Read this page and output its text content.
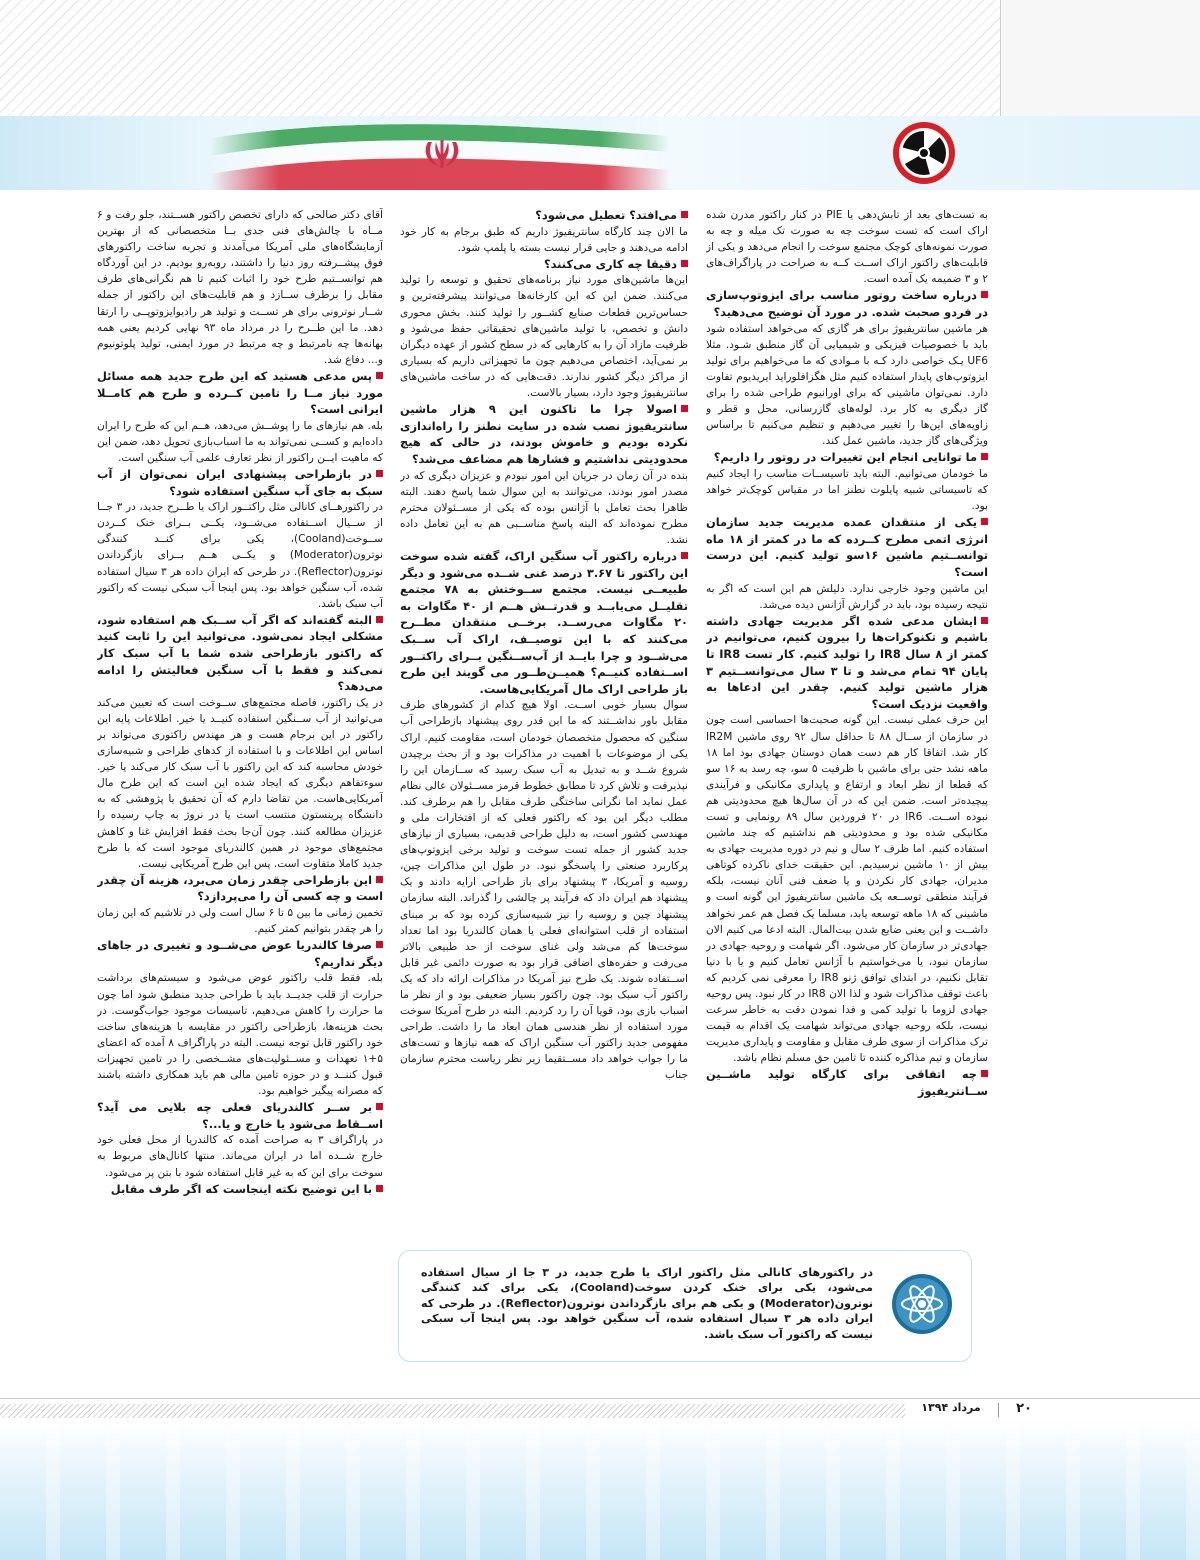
به تست‌های بعد از تابش‌دهی یا PIE در کنار راکتور مدرن شده اراک است که تست سوخت چه به صورت تک میله و چه به صورت نمونه‌های کوچک مجتمع سوخت را انجام می‌دهد و یکی از قابلیت‌های راکتور اراک اســت کــه به صراحت در پاراگراف‌های ۲ و ۳ ضمیمه یک آمده است.

درباره ساخت روتور مناسب برای ایزوتوپ‌سازی در فردو صحبت شده. در مورد آن توضیح می‌دهید؟

هر ماشین سانتریفیوژ برای هر گازی که می‌خواهد استفاده شود باید با خصوصیات فیزیکی و شیمیایی آن گاز منطبق شـود. مثلا UF6 یـک خواصی دارد کـه با مـوادی که ما می‌خواهیم برای تولید ایزوتوپ‌های پایدار استفاده کنیم مثل هگزافلوراید ایریدیوم تفاوت دارد. نمی‌توان ماشینی که برای اورانیوم طراحی شده را برای گاز دیگری به کار برد. لوله‌های گازرسانی، محل و قطر و زاویه‌های این‌ها را تغییر می‌دهیم و تنظیم می‌کنیم تا براساس ویژگی‌های گاز جدید، ماشین عمل کند.

ما توانایی انجام این تغییرات در روتور را داریم؟

ما خودمان می‌توانیم. البته باید تاسیســات مناسب را ایجاد کنیم که تاسیساتی شبیه پایلوت نطنز اما در مقیاس کوچک‌تر خواهد بود.

یکی از منتقدان عمده مدیریت جدید سازمان انرژی اتمی مطرح کــرده که ما در کمتر از ۱۸ ماه توانســتیم ماشین ۱۶سو تولید کنیم. این درست است؟

این ماشین وجود خارجی ندارد. دلیلش هم این است که اگر به نتیجه رسیده بود، باید در گزارش آژانس دیده می‌شد.

ایشان مدعی شده اگر مدیریت جهادی داشته باشیم و تکنوکرات‌ها را بیرون کنیم، می‌توانیم در کمتر از ۸ سال IR8 را تولید کنیم. کار تست IR8 تا پایان ۹۴ تمام می‌شد و تا ۳ سال می‌توانســتیم ۳ هزار ماشین تولید کنیم. چقدر این ادعاها به واقعیت نزدیک است؟

این حرف عملی نیست. این گونه صحبت‌ها احساسی است چون در سازمان از ســال ۸۸ تا حداقل سال ۹۲ روی ماشین IR2M کار شد. اتفاقا کار هم دست همان دوستان جهادی بود اما ۱۸ ماهه نشد حتی برای ماشین با ظرفیت ۵ سو، چه رسد به ۱۶ سو که قطعا از نظر ابعاد و ارتفاع و پایداری مکانیکی و فرآیندی پیچیده‌تر است. ضمن این که در آن سال‌ها هیچ محدودیتی هم نبوده اســت. IR6 در ۲۰ فروردین سال ۸۹ رونمایی و تست مکانیکی شده بود و محدودیتی هم نداشتیم که چند ماشین استفاده کنیم. اما ظرف ۲ سال و نیم در دوره مدیریت جهادی به بیش از ۱۰ ماشین نرسیدیم. این حقیقت خدای ناکرده کوتاهی مدیران، جهادی کار نکردن و یا ضعف فنی آنان نیست، بلکه فرآیند منطقی توســعه یک ماشین سانتریفیوژ این گونه است و ماشینی که ۱۸ ماهه توسعه یابد، مسلما یک فصل هم عمر نخواهد داشــت و این یعنی ضایع شدن بیت‌المال. البته ادعا می کنیم الان جهادی‌تر در سازمان کار می‌شود. اگر شهامت و روحیه جهادی در سازمان نبود، یا می‌خواستیم با آژانس تعامل کنیم و یا با دنیا تقابل نکنیم، در ابتدای توافق ژنو IR8 را معرفی نمی کردیم که باعث توقف مذاکرات شود و لذا الان IR8 در کار نبود. پس روحیه جهادی لزوما با تولید کمی و فدا نمودن دقت به خاطر سرعت نیست، بلکه روحیه جهادی می‌تواند شهامت یک اقدام به قیمت ترک مذاکرات از سوی طرف مقابل و مقاومت و پایداری مدیریت سازمان و تیم مذاکره کننده تا تامین حق مسلم نظام باشد.

چه اتفاقی برای کارگاه تولید ماشــین ســانتریفیوژ

می‌افتد؟ تعطیل می‌شود؟

ما الان چند کارگاه سانتریفیوژ داریم که طبق برجام به کار خود ادامه می‌دهند و جایی قرار نیست بسته یا پلمپ شود.

دقیقا چه کاری می‌کنند؟

این‌ها ماشین‌های مورد نیاز برنامه‌های تحقیق و توسعه را تولید می‌کنند. ضمن این که این کارخانه‌ها می‌توانند پیشرفته‌ترین و حساس‌ترین قطعات صنایع کشــور را تولید کنند. بخش محوری دانش و تخصص، با تولید ماشین‌های تحقیقاتی حفظ می‌شود و ظرفیت مازاد آن را به کارهایی که در سطح کشور از عهده دیگران بر نمی‌آید، اختصاص می‌دهیم چون ما تجهیزاتی داریم که بسیاری از مراکز دیگر کشور ندارند. دقت‌هایی که در ساخت ماشین‌های سانتریفیوژ وجود دارد، بسیار بالاست.

اصولا چرا ما تاکنون این ۹ هزار ماشین سانتریفیوژ نصب شده در سایت نطنز را راه‌اندازی نکرده بودیم و خاموش بودند، در حالی که هیچ محدودیتی نداشتیم و فشارها هم مضاعف می‌شد؟

بنده در آن زمان در جریان این امور نبودم و عزیزان دیگری که در مصدر امور بودند، می‌توانند به این سوال شما پاسخ دهند. البته ظاهرا بحث تعامل با آژانس بوده که یکی از مســئولان محترم مطرح نموده‌اند که البته پاسخ مناســبی هم به این تعامل داده نشد.

درباره راکتور آب سنگین اراک، گفته شده سوخت این راکتور تا ۳.۶۷ درصد غنی شــده می‌شود و دیگر طبیعــی نیست. مجتمع ســوختش به ۷۸ مجتمع تقلیــل می‌یابــد و قدرتــش هــم از ۴۰ مگاوات به ۲۰ مگاوات می‌رســد. برخــی منتقدان مطــرح می‌کنند که با این توصیــف، اراک آب ســبک می‌شــود و چرا بایــد از آب‌ســنگین بــرای راکتــور اســتفاده کنیــم؟ همیــن‌طــور می‌ گویند این طرح باز طراحی اراک مال آمریکایی‌هاست.

سوال بسیار خوبی اســت. اولا هیچ کدام از کشورهای طرف مقابل باور نداشــتند که ما این قدر روی پیشنهاد بازطراحی آب سنگین که محصول متخصصان خودمان است، مقاومت کنیم. اراک یکی از موضوعات با اهمیت در مذاکرات بود و از بحث برچیدن شروع شــد و به تبدیل به آب سبک رسید که ســازمان این را نپذیرفت و تلاش کرد تا مطابق خطوط قرمز مســئولان عالی نظام عمل نماید اما نگرانی ساختگی طرف مقابل را هم برطرف کند. مطلب دیگر این بود که راکتور فعلی که از افتخارات ملی و مهندسی کشور است، به دلیل طراحی قدیمی، بسیاری از نیازهای جدید کشور از جمله تست سوخت و تولید برخی ایزوتوپ‌های پرکاربرد صنعتی را پاسخگو نبود. در طول این مذاکرات چین، روسیه و آمریکا، ۳ پیشنهاد برای باز طراحی ارایه دادند و یک پیشنهاد هم ایران داد که فرآیند پر چالشی را گذراند. البته سازمان پیشنهاد چین و روسیه را نیز شبیه‌سازی کرده بود که بر مبنای استفاده از قلب استوانه‌ای فعلی یا همان کالندریا بود اما تعداد سوخت‌ها کم می‌شد ولی غنای سوخت از حد طبیعی بالاتر می‌رفت و حفره‌های اضافی قرار بود به صورت دائمی غیر قابل اســتفاده شوند. یک طرح نیز آمریکا در مذاکرات ارائه داد که یک راکتور آب سبک بود. چون راکتور بسیار ضعیفی بود و از نظر ما اسباب بازی بود، قویا آن را رد کردیم. البته در طرح آمریکا سوخت مورد استفاده از نظر هندسی همان ابعاد ما را داشت. طراحی مفهومی جدید راکتور آب سنگین اراک که همه نیازها و تست‌های ما را جواب خواهد داد مســتقیما زیر نظر ریاست محترم سازمان جناب

آقای دکتر صالحی که دارای تخصص راکتور هســتند، جلو رفت و ۶ مــاه با چالش‌های فنی جدی بــا متخصصانی که از بهترین آزمایشگاه‌های ملی آمریکا می‌آمدند و تجربه ساخت راکتورهای فوق پیشــرفته روز دنیا را داشتند، روبه‌رو بودیم. در این آوردگاه هم توانســتیم طرح خود را اثبات کنیم تا هم نگرانی‌های طرف مقابل را برطرف ســازد و هم قابلیت‌های این راکتور از جمله شــار نوترونی برای هر تســت و تولید هر رادیوایزوتوپــی را ارتقا دهد. ما این طــرح را در مرداد ماه ۹۳ نهایی کردیم یعنی همه بهانه‌ها چه نامرتبط و چه مرتبط در مورد ایمنی، تولید پلوتونیوم و... دفاع شد.

پس مدعی هستید که این طرح جدید همه مسائل مورد نیاز مــا را تامین کــرده و طرح هم کامــلا ایرانی است؟

بله. هم نیازهای ما را پوشــش می‌دهد، هــم این که طرح را ایران داده‌ایم و کســی نمی‌تواند به ما اسباب‌بازی تحویل دهد، ضمن این که ماهیت ایــن راکتور از نظر تعارف علمی آب سنگین است.

در بازطراحی پیشنهادی ایران نمی‌توان از آب سبک به جای آب سنگین استفاده شود؟

در راکتورهــای کانالی مثل راکتــور اراک یا طــرح جدید، در ۳ جــا از ســیال اســتفاده می‌شــود، یکــی بــرای خنک کــردن ســوخت(Cooland)، یکی برای کنــد کنندگی نوترون(Moderator) و یکــی هــم بــرای بازگرداندن نوترون(Reflector). در طرحی که ایران داده هر ۳ سیال استفاده شده، آب سنگین خواهد بود. پس اینجا آب سبکی نیست که راکتور آب سبک باشد.

البته گفته‌اند که اگر آب ســبک هم استفاده شود، مشکلی ایجاد نمی‌شود. می‌توانید این را ثابت کنید که راکتور بازطراحی شده شما با آب سبک کار نمی‌کند و فقط با آب سنگین فعالیتش را ادامه می‌دهد؟

در یک راکتور، فاصله مجتمع‌های ســوخت است که تعیین می‌کند می‌توانید از آب ســنگین استفاده کنیــد یا خیر. اطلاعات پایه این راکتور در این برجام هست و هر مهندس راکتوری می‌تواند بر اساس این اطلاعات و با استفاده از کدهای طراحی و شبیه‌سازی خودش محاسبه کند که این راکتور با آب سبک کار می‌کند یا خیر. سوءتفاهم دیگری که ایجاد شده این است که این طرح مال آمریکایی‌هاست. من تقاضا دارم که آن تحقیق یا پژوهشی که به دانشگاه پرینستون منتسب است یا در نروژ به چاپ رسیده را عزیزان مطالعه کنند. چون آن‌جا بحث فقط افزایش غنا و کاهش مجتمع‌های موجود در همین کالندریای موجود است که با طرح جدید کاملا متفاوت است. پس این طرح آمریکایی نیست.

این بازطراحی چقدر زمان می‌برد، هزینه آن چقدر است و چه کسی آن را می‌پردازد؟

تخمین زمانی ما بین ۵ تا ۶ سال است ولی در تلاشیم که این زمان را هر چقدر بتوانیم کمتر کنیم.

صرفا کالندریا عوض می‌شــود و تغییری در جاهای دیگر نداریم؟

بله. فقط قلب راکتور عوض می‌شود و سیستم‌های برداشت حرارت از قلب جدیــد باید با طراحی جدید منطبق شود اما چون ما حرارت را کاهش می‌دهیم، تاسیسات موجود جواب‌گوست. در بحث هزینه‌ها، بازطراحی راکتور در مقایسه با هزینه‌های ساخت خود راکتور قابل توجه نیست. البته در پاراگراف ۸ آمده که اعضای ۵+۱ تعهدات و مســئولیت‌های مشــخصی را در تامین تجهیزات قبول کننــد و در حوزه تامین مالی هم باید همکاری داشته باشند که مصرانه پیگیر خواهیم بود.

بر ســر کالندریای فعلی چه بلایی می‌ آید؟ اســقاط می‌شود یا خارج و یا...؟

در پاراگراف ۳ به صراحت آمده که کالندریا از محل فعلی خود خارج شــده اما در ایران می‌ماند. منتها کانال‌های مربوط به سوخت برای این که به غیر قابل استفاده شود با بتن پر می‌شود.

با این توضیح نکته اینجاست که اگر طرف مقابل

در راکتورهای کانالی مثل راکتور اراک یا طرح جدید، در ۳ جا از سیال استفاده می‌شود، یکی برای خنک کردن سوخت(Cooland)، یکی برای کند کنندگی نوترون(Moderator) و یکی هم برای بازگرداندن نوترون(Reflector). در طرحی که ایران داده هر ۳ سیال استفاده شده، آب سنگین خواهد بود. پس اینجا آب سبکی نیست که راکتور آب سبک باشد.
مرداد ۱۳۹۴	۲۰
